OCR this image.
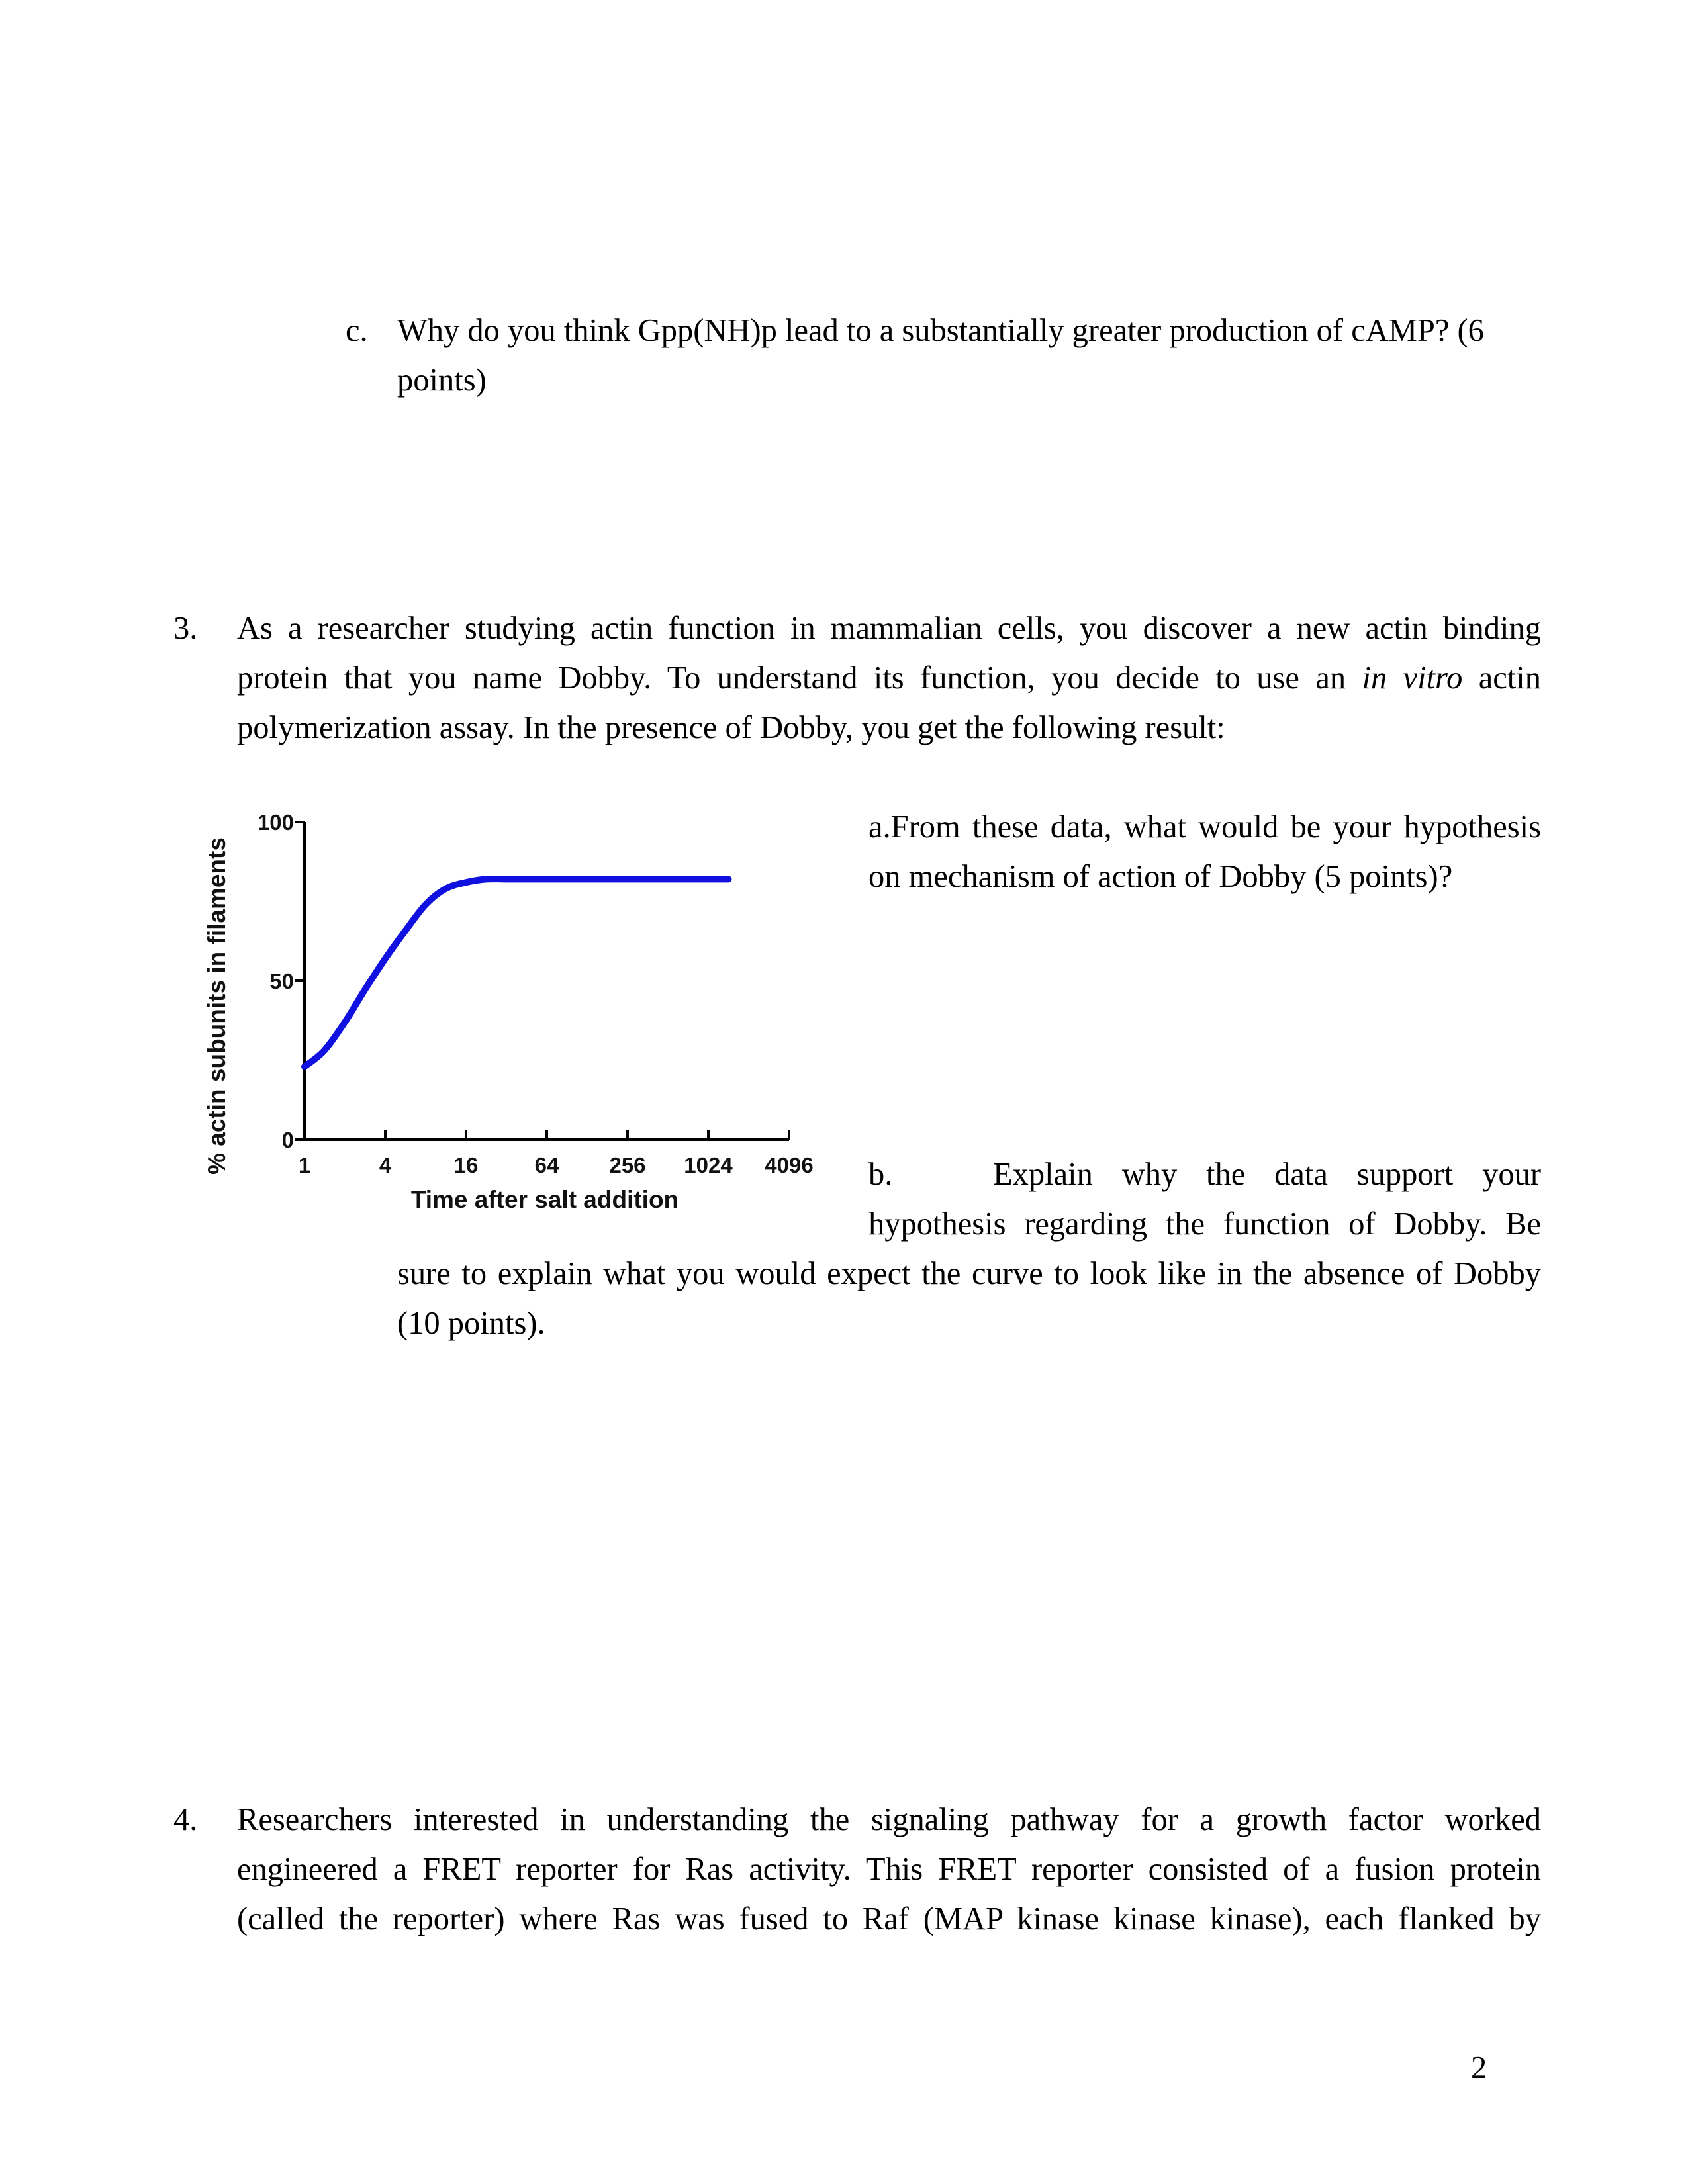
c. Why do you think Gpp(NH)p lead to a substantially greater production of cAMP? (6
points)
3. As a researcher studying actin function in mammalian cells, you discover a new actin binding
protein that you name Dobby. To understand its function, you decide to use an in vitro actin
polymerization assay. In the presence of Dobby, you get the following result:
% actin subunits in filaments 0
50
100
1	4	16	64 256 1024 4096
Time after salt addition
a.From these data, what would be your hypothesis
on mechanism of action of Dobby (5 points)?
b.	Explain why the data support your
hypothesis regarding the function of Dobby. Be
sure to explain what you would expect the curve to look like in the absence of Dobby
(10 points).
4. Researchers interested in understanding the signaling pathway for a growth factor worked
engineered a FRET reporter for Ras activity. This FRET reporter consisted of a fusion protein
(called the reporter) where Ras was fused to Raf (MAP kinase kinase kinase), each flanked by
2
